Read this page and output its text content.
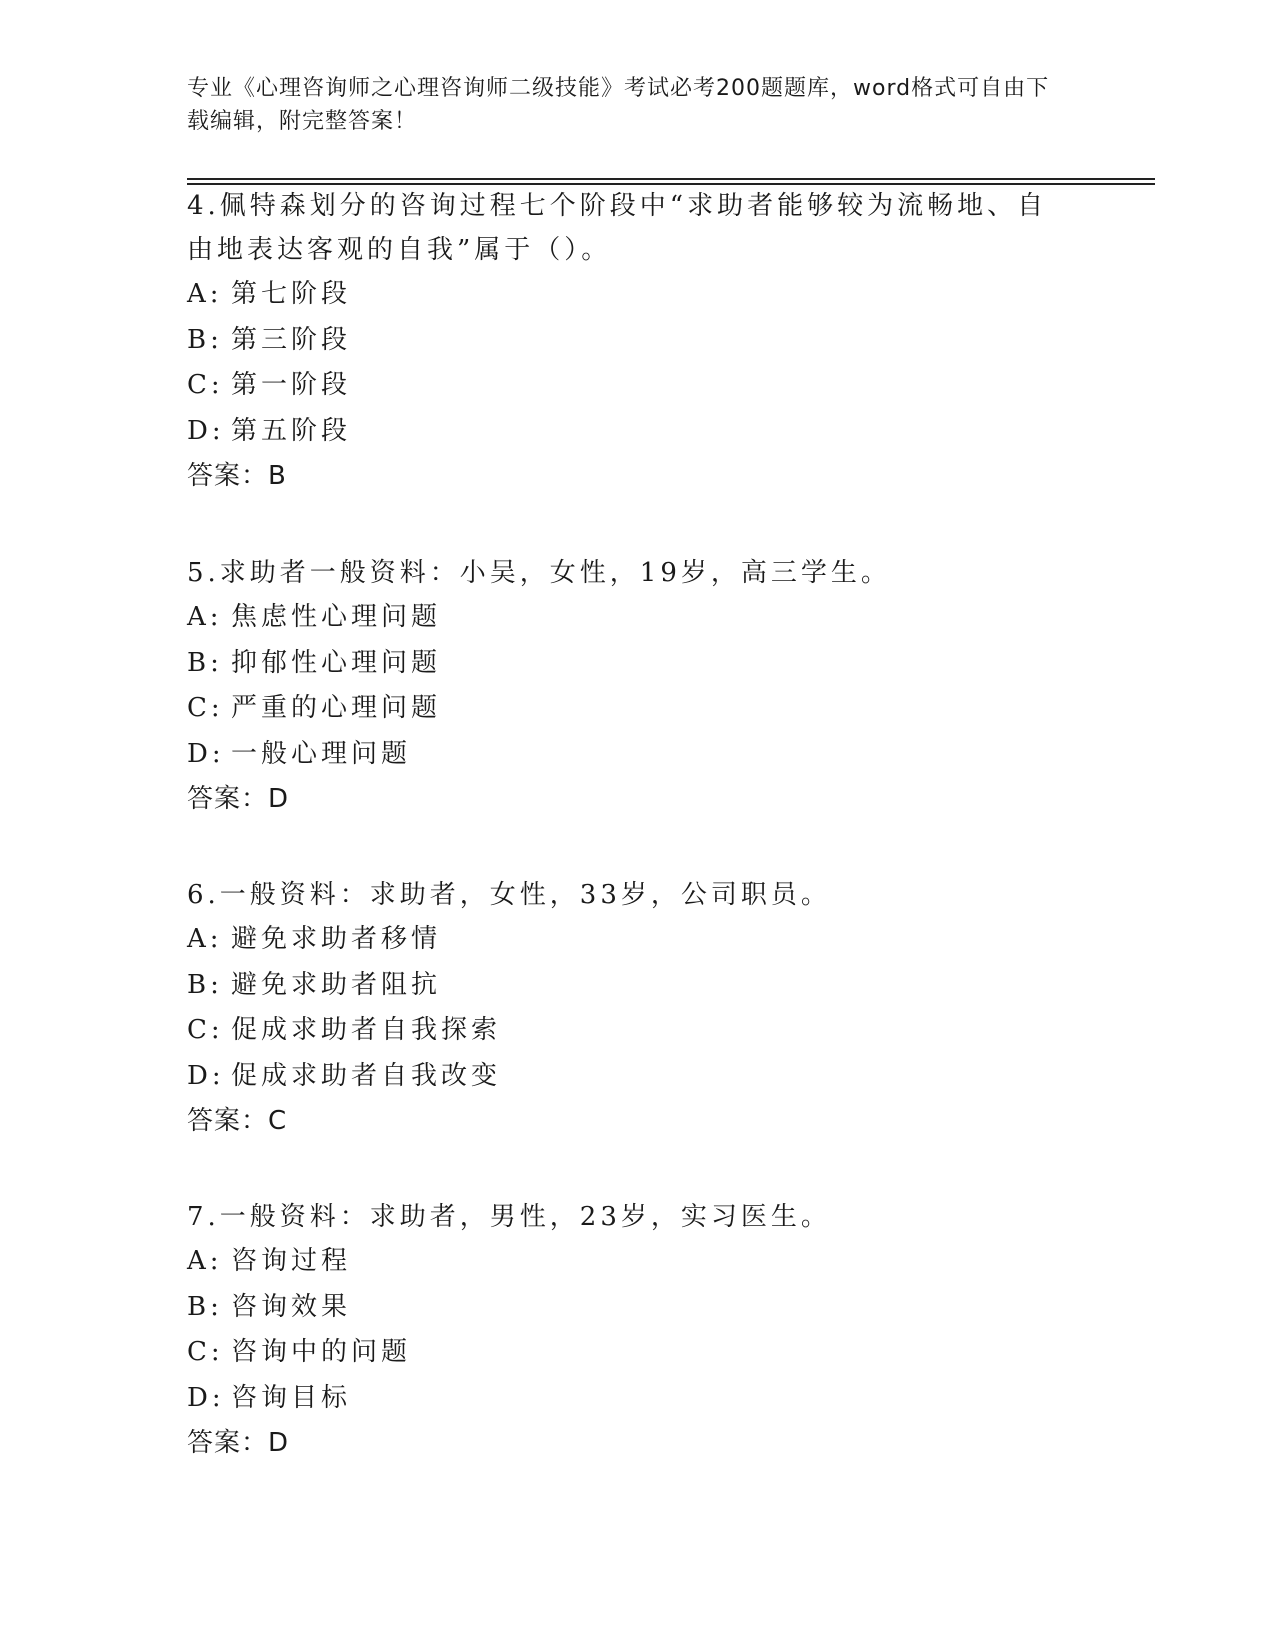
专业《心理咨询师之心理咨询师二级技能》考试必考200题题库，word格式可自由下载编辑，附完整答案！

4.佩特森划分的咨询过程七个阶段中“求助者能够较为流畅地、自由地表达客观的自我”属于（）。

A: 第七阶段

B: 第三阶段

C: 第一阶段

D: 第五阶段

答案：B

5.求助者一般资料：小吴，女性，19岁，高三学生。

A: 焦虑性心理问题

B: 抑郁性心理问题

C: 严重的心理问题

D: 一般心理问题

答案：D

6.一般资料：求助者，女性，33岁，公司职员。

A: 避免求助者移情

B: 避免求助者阻抗

C: 促成求助者自我探索

D: 促成求助者自我改变

答案：C

7.一般资料：求助者，男性，23岁，实习医生。

A: 咨询过程

B: 咨询效果

C: 咨询中的问题

D: 咨询目标

答案：D
